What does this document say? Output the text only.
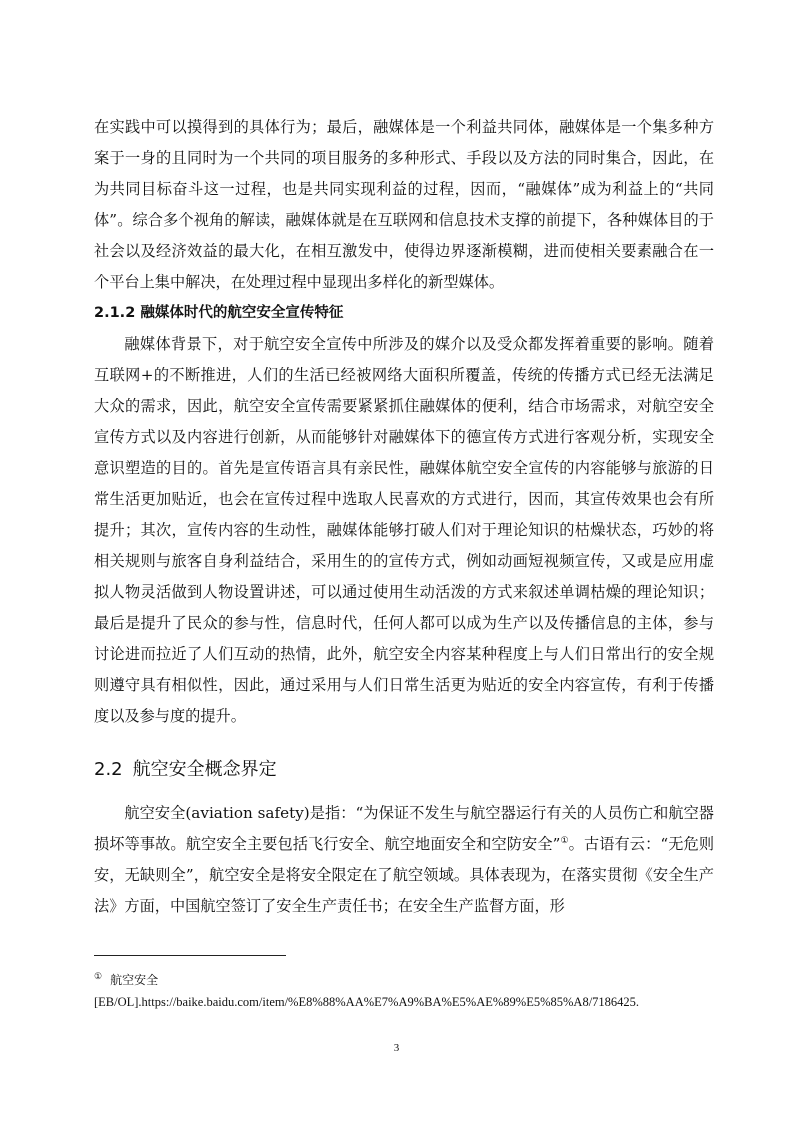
在实践中可以摸得到的具体行为；最后，融媒体是一个利益共同体，融媒体是一个集多种方案于一身的且同时为一个共同的项目服务的多种形式、手段以及方法的同时集合，因此，在为共同目标奋斗这一过程，也是共同实现利益的过程，因而，“融媒体”成为利益上的“共同体”。综合多个视角的解读，融媒体就是在互联网和信息技术支撑的前提下，各种媒体目的于社会以及经济效益的最大化，在相互激发中，使得边界逐渐模糊，进而使相关要素融合在一个平台上集中解决，在处理过程中显现出多样化的新型媒体。

2.1.2 融媒体时代的航空安全宣传特征

融媒体背景下，对于航空安全宣传中所涉及的媒介以及受众都发挥着重要的影响。随着互联网+的不断推进，人们的生活已经被网络大面积所覆盖，传统的传播方式已经无法满足大众的需求，因此，航空安全宣传需要紧紧抓住融媒体的便利，结合市场需求，对航空安全宣传方式以及内容进行创新，从而能够针对融媒体下的德宣传方式进行客观分析，实现安全意识塑造的目的。首先是宣传语言具有亲民性，融媒体航空安全宣传的内容能够与旅游的日常生活更加贴近，也会在宣传过程中选取人民喜欢的方式进行，因而，其宣传效果也会有所提升；其次，宣传内容的生动性，融媒体能够打破人们对于理论知识的枯燥状态，巧妙的将相关规则与旅客自身利益结合，采用生的的宣传方式，例如动画短视频宣传，又或是应用虚拟人物灵活做到人物设置讲述，可以通过使用生动活泼的方式来叙述单调枯燥的理论知识；最后是提升了民众的参与性，信息时代，任何人都可以成为生产以及传播信息的主体，参与讨论进而拉近了人们互动的热情，此外，航空安全内容某种程度上与人们日常出行的安全规则遵守具有相似性，因此，通过采用与人们日常生活更为贴近的安全内容宣传，有利于传播度以及参与度的提升。

2.2 航空安全概念界定

航空安全(aviation safety)是指：“为保证不发生与航空器运行有关的人员伤亡和航空器损坏等事故。航空安全主要包括飞行安全、航空地面安全和空防安全”①。古语有云：“无危则安，无缺则全”，航空安全是将安全限定在了航空领域。具体表现为，在落实贯彻《安全生产法》方面，中国航空签订了安全生产责任书；在安全生产监督方面，形

① 航空安全
[EB/OL].https://baike.baidu.com/item/%E8%88%AA%E7%A9%BA%E5%AE%89%E5%85%A8/7186425.
3
